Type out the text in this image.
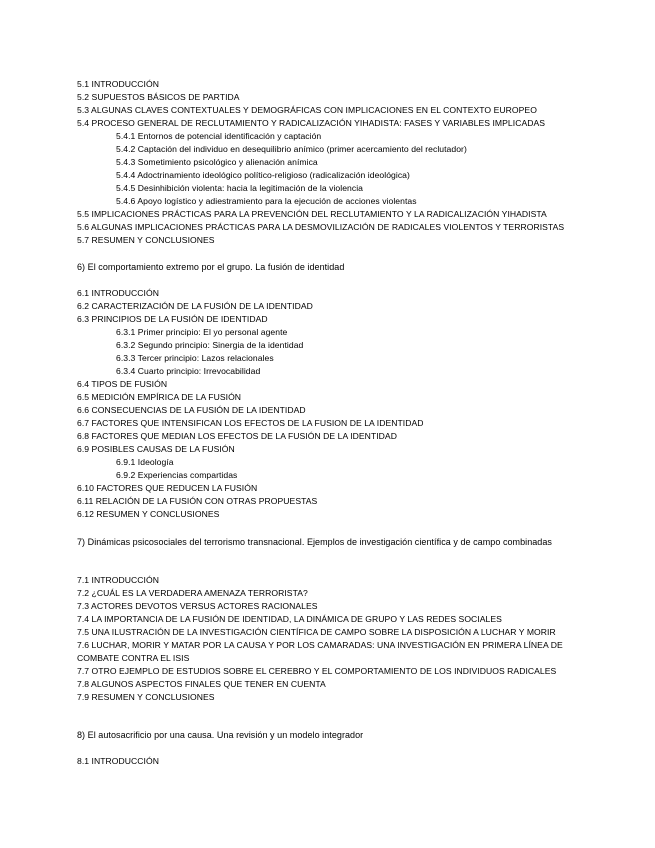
5.1 INTRODUCCIÓN
5.2 SUPUESTOS BÁSICOS DE PARTIDA
5.3 ALGUNAS CLAVES CONTEXTUALES Y DEMOGRÁFICAS CON IMPLICACIONES EN EL CONTEXTO EUROPEO
5.4 PROCESO GENERAL DE RECLUTAMIENTO Y RADICALIZACIÓN YIHADISTA: FASES Y VARIABLES IMPLICADAS
5.4.1 Entornos de potencial identificación y captación
5.4.2 Captación del individuo en desequilibrio anímico (primer acercamiento del reclutador)
5.4.3 Sometimiento psicológico y alienación anímica
5.4.4 Adoctrinamiento ideológico político-religioso (radicalización ideológica)
5.4.5 Desinhibición violenta: hacia la legitimación de la violencia
5.4.6 Apoyo logístico y adiestramiento para la ejecución de acciones violentas
5.5 IMPLICACIONES PRÁCTICAS PARA LA PREVENCIÓN DEL RECLUTAMIENTO Y LA RADICALIZACIÓN YIHADISTA
5.6 ALGUNAS IMPLICACIONES PRÁCTICAS PARA LA DESMOVILIZACIÓN DE RADICALES VIOLENTOS Y TERRORISTAS
5.7 RESUMEN Y CONCLUSIONES
6) El comportamiento extremo por el grupo. La fusión de identidad
6.1 INTRODUCCIÓN
6.2 CARACTERIZACIÓN DE LA FUSIÓN DE LA IDENTIDAD
6.3 PRINCIPIOS DE LA FUSIÓN DE IDENTIDAD
6.3.1 Primer principio: El yo personal agente
6.3.2 Segundo principio: Sinergia de la identidad
6.3.3 Tercer principio: Lazos relacionales
6.3.4 Cuarto principio: Irrevocabilidad
6.4 TIPOS DE FUSIÓN
6.5 MEDICIÓN EMPÍRICA DE LA FUSIÓN
6.6 CONSECUENCIAS DE LA FUSIÓN DE LA IDENTIDAD
6.7 FACTORES QUE INTENSIFICAN LOS EFECTOS DE LA FUSION DE LA IDENTIDAD
6.8 FACTORES QUE MEDIAN LOS EFECTOS DE LA FUSIÓN DE LA IDENTIDAD
6.9 POSIBLES CAUSAS DE LA FUSIÓN
6.9.1 Ideología
6.9.2 Experiencias compartidas
6.10 FACTORES QUE REDUCEN LA FUSIÓN
6.11 RELACIÓN DE LA FUSIÓN CON OTRAS PROPUESTAS
6.12 RESUMEN Y CONCLUSIONES
7) Dinámicas psicosociales del terrorismo transnacional. Ejemplos de investigación científica y de campo combinadas
7.1 INTRODUCCIÓN
7.2 ¿CUÁL ES LA VERDADERA AMENAZA TERRORISTA?
7.3 ACTORES DEVOTOS VERSUS ACTORES RACIONALES
7.4 LA IMPORTANCIA DE LA FUSIÓN DE IDENTIDAD, LA DINÁMICA DE GRUPO Y LAS REDES SOCIALES
7.5 UNA ILUSTRACIÓN DE LA INVESTIGACIÓN CIENTÍFICA DE CAMPO SOBRE LA DISPOSICIÓN A LUCHAR Y MORIR
7.6 LUCHAR, MORIR Y MATAR POR LA CAUSA Y POR LOS CAMARADAS: UNA INVESTIGACIÓN EN PRIMERA LÍNEA DE
COMBATE CONTRA EL ISIS
7.7 OTRO EJEMPLO DE ESTUDIOS SOBRE EL CEREBRO Y EL COMPORTAMIENTO DE LOS INDIVIDUOS RADICALES
7.8 ALGUNOS ASPECTOS FINALES QUE TENER EN CUENTA
7.9 RESUMEN Y CONCLUSIONES
8) El autosacrificio por una causa. Una revisión y un modelo integrador
8.1 INTRODUCCIÓN
